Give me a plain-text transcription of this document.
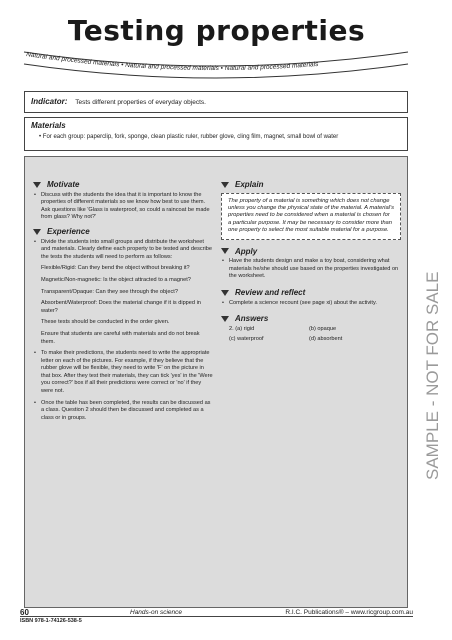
Testing properties
Natural and processed materials • Natural and processed materials • Natural and processed materials
Indicator: Tests different properties of everyday objects.
Materials
• For each group: paperclip, fork, sponge, clean plastic ruler, rubber glove, cling film, magnet, small bowl of water
Motivate
• Discuss with the students the idea that it is important to know the properties of different materials so we know how best to use them. Ask questions like 'Glass is waterproof, so could a raincoat be made from glass? Why not?'
Experience
• Divide the students into small groups and distribute the worksheet and materials. Clearly define each property to be tested and describe the tests the students will need to perform as follows:

Flexible/Rigid: Can they bend the object without breaking it?

Magnetic/Non-magnetic: Is the object attracted to a magnet?

Transparent/Opaque: Can they see through the object?

Absorbent/Waterproof: Does the material change if it is dipped in water?

These tests should be conducted in the order given.

Ensure that students are careful with materials and do not break them.

• To make their predictions, the students need to write the appropriate letter on each of the pictures. For example, if they believe that the rubber glove will be flexible, they need to write 'F' on the picture in that box. After they test their materials, they can tick 'yes' in the 'Were you correct?' box if all their predictions were correct or 'no' if they were not.
• Once the table has been completed, the results can be discussed as a class. Question 2 should then be discussed and completed as a class or in groups.
Explain
The property of a material is something which does not change unless you change the physical state of the material. A material's properties need to be considered when a material is chosen for a particular purpose. It may be necessary to consider more than one property to select the most suitable material for a purpose.
Apply
• Have the students design and make a toy boat, considering what materials he/she should use based on the properties investigated on the worksheet.
Review and reflect
• Complete a science recount (see page xi) about the activity.
Answers
2. (a) rigid	(b) opaque
(c) waterproof	(d) absorbent
60	Hands-on science	R.I.C. Publications® – www.ricgroup.com.au
ISBN 978-1-74126-538-5
SAMPLE - NOT FOR SALE
